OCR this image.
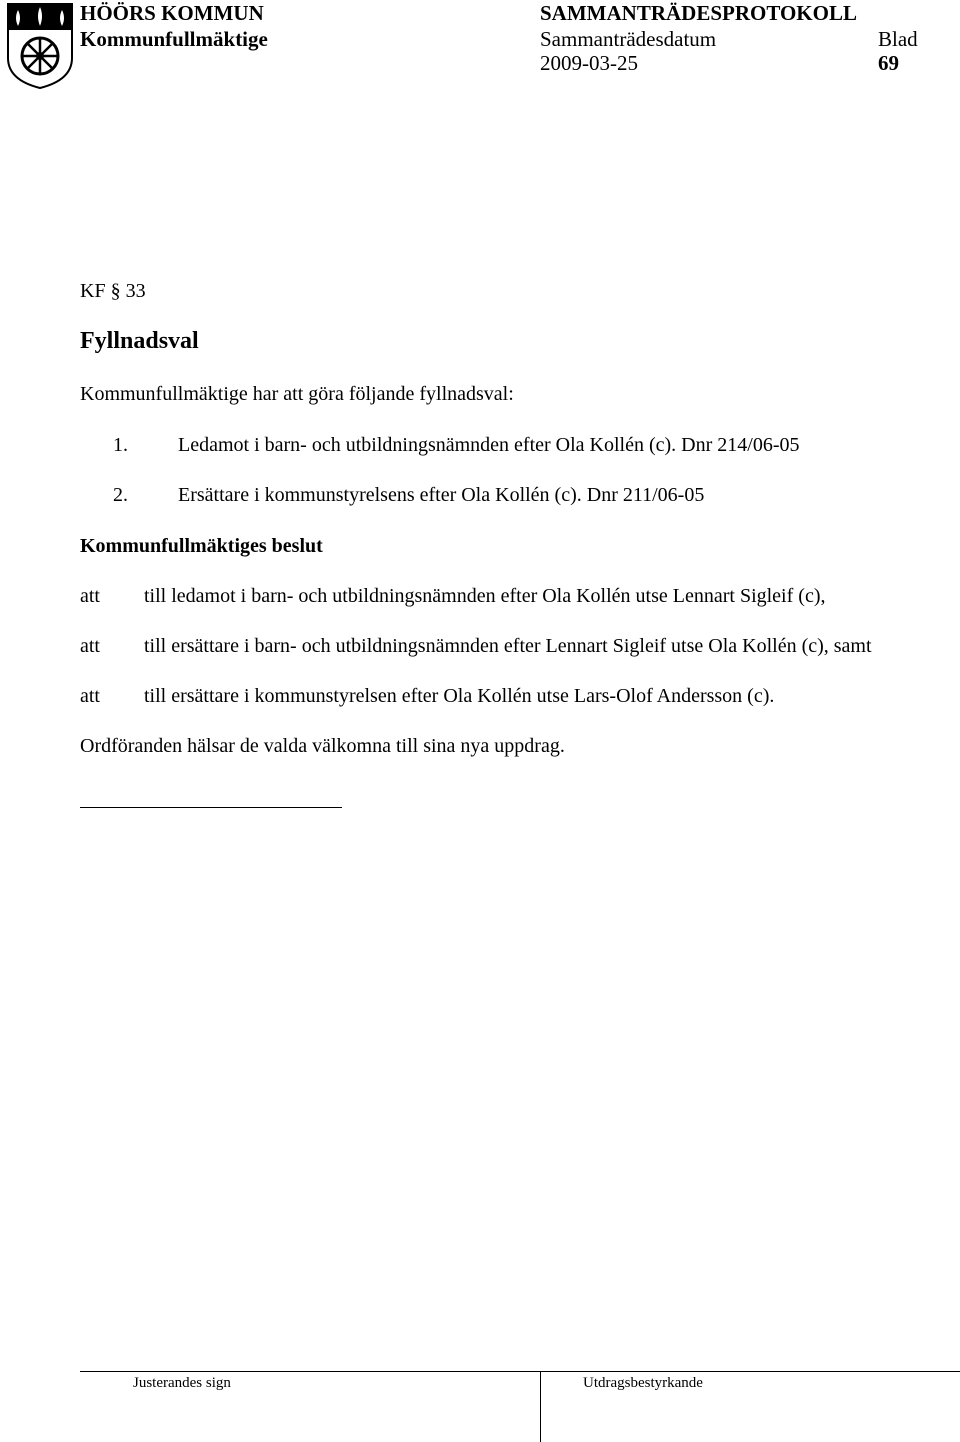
HÖÖRS KOMMUN
Kommunfullmäktige
SAMMANTRÄDESPROTOKOLL
Sammanträdesdatum
2009-03-25
Blad
69
KF § 33
Fyllnadsval
Kommunfullmäktige har att göra följande fyllnadsval:
1.	Ledamot i barn- och utbildningsnämnden efter Ola Kollén (c). Dnr 214/06-05
2.	Ersättare i kommunstyrelsens efter Ola Kollén (c). Dnr 211/06-05
Kommunfullmäktiges beslut
att till ledamot i barn- och utbildningsnämnden efter Ola Kollén utse Lennart Sigleif (c),
att till ersättare i barn- och utbildningsnämnden efter Lennart Sigleif utse Ola Kollén (c), samt
att till ersättare i kommunstyrelsen efter Ola Kollén utse Lars-Olof Andersson (c).
Ordföranden hälsar de valda välkomna till sina nya uppdrag.
Justerandes sign	Utdragsbestyrkande
